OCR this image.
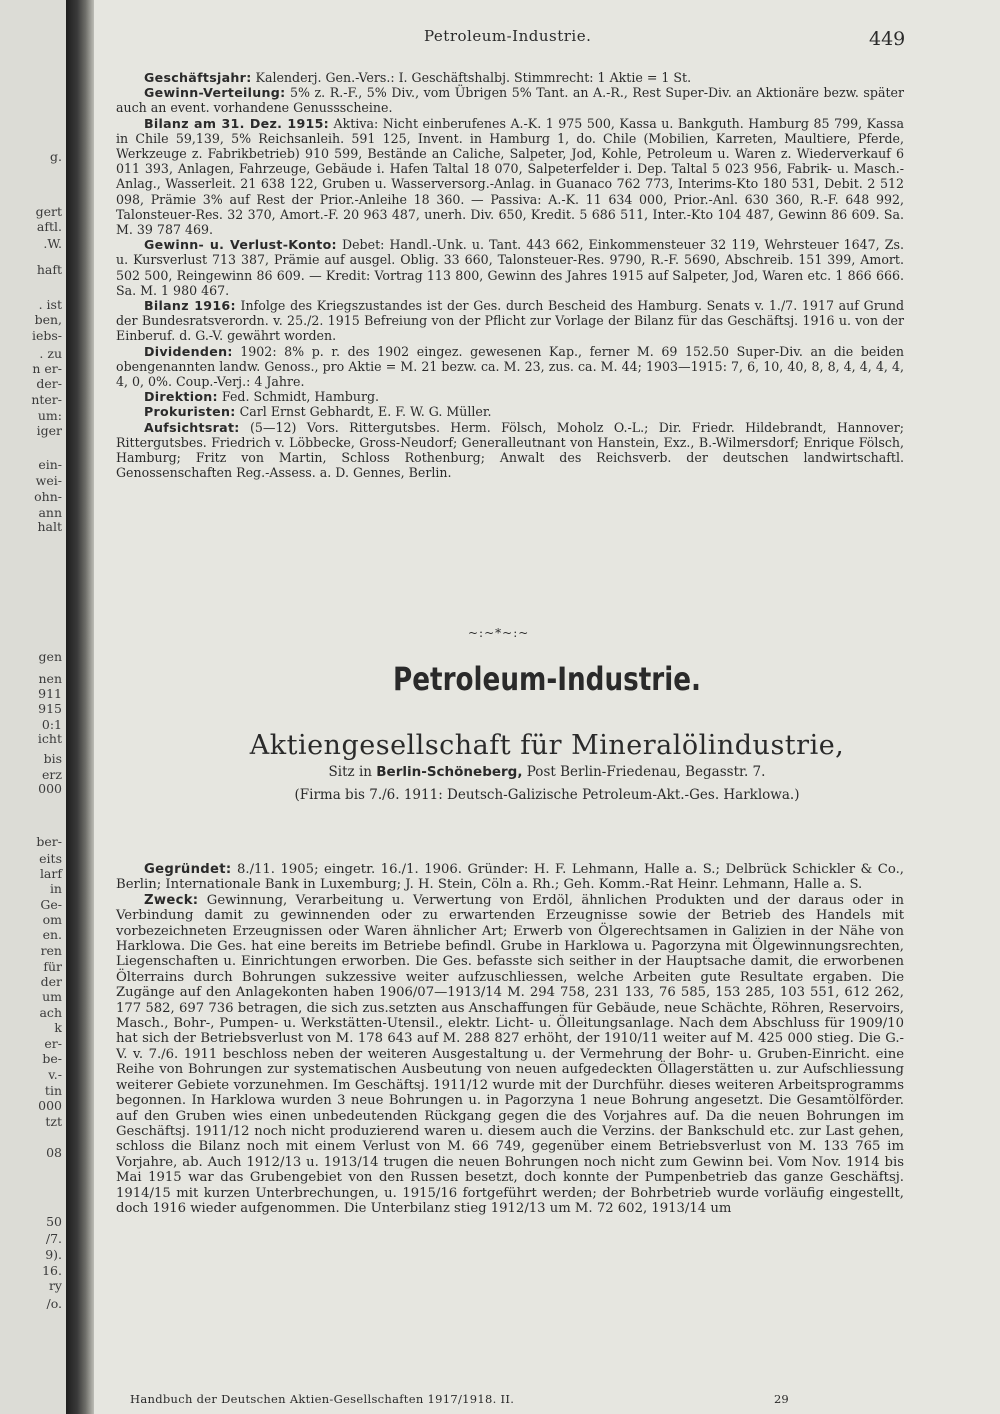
g.
gert
aftl.
.W.
haft
. ist
ben,
iebs-
. zu
n er-
der-
nter-
um:
iger
ein-
wei-
ohn-
ann
halt
gen
nen
911
915
0:1
icht
bis
erz
000
ber-
eits
larf
in
Ge-
om
en.
ren
für
der
um
ach
k
er-
be-
v.-
tin
000
tzt
08
50
/7.
9).
16.
ry
/o.
Petroleum-Industrie.	449

Geschäftsjahr: Kalenderj. Gen.-Vers.: I. Geschäftshalbj. Stimmrecht: 1 Aktie = 1 St.

Gewinn-Verteilung: 5% z. R.-F., 5% Div., vom Übrigen 5% Tant. an A.-R., Rest Super-Div. an Aktionäre bezw. später auch an event. vorhandene Genussscheine.

Bilanz am 31. Dez. 1915: Aktiva: Nicht einberufenes A.-K. 1 975 500, Kassa u. Bankguth. Hamburg 85 799, Kassa in Chile 59,139, 5% Reichsanleih. 591 125, Invent. in Hamburg 1, do. Chile (Mobilien, Karreten, Maultiere, Pferde, Werkzeuge z. Fabrikbetrieb) 910 599, Bestände an Caliche, Salpeter, Jod, Kohle, Petroleum u. Waren z. Wiederverkauf 6 011 393, Anlagen, Fahrzeuge, Gebäude i. Hafen Taltal 18 070, Salpeterfelder i. Dep. Taltal 5 023 956, Fabrik- u. Masch.-Anlag., Wasserleit. 21 638 122, Gruben u. Wasserversorg.-Anlag. in Guanaco 762 773, Interims-Kto 180 531, Debit. 2 512 098, Prämie 3% auf Rest der Prior.-Anleihe 18 360. — Passiva: A.-K. 11 634 000, Prior.-Anl. 630 360, R.-F. 648 992, Talonsteuer-Res. 32 370, Amort.-F. 20 963 487, unerh. Div. 650, Kredit. 5 686 511, Inter.-Kto 104 487, Gewinn 86 609. Sa. M. 39 787 469.

Gewinn- u. Verlust-Konto: Debet: Handl.-Unk. u. Tant. 443 662, Einkommensteuer 32 119, Wehrsteuer 1647, Zs. u. Kursverlust 713 387, Prämie auf ausgel. Oblig. 33 660, Talonsteuer-Res. 9790, R.-F. 5690, Abschreib. 151 399, Amort. 502 500, Reingewinn 86 609. — Kredit: Vortrag 113 800, Gewinn des Jahres 1915 auf Salpeter, Jod, Waren etc. 1 866 666. Sa. M. 1 980 467.

Bilanz 1916: Infolge des Kriegszustandes ist der Ges. durch Bescheid des Hamburg. Senats v. 1./7. 1917 auf Grund der Bundesratsverordn. v. 25./2. 1915 Befreiung von der Pflicht zur Vorlage der Bilanz für das Geschäftsj. 1916 u. von der Einberuf. d. G.-V. gewährt worden.

Dividenden: 1902: 8% p. r. des 1902 eingez. gewesenen Kap., ferner M. 69 152.50 Super-Div. an die beiden obengenannten landw. Genoss., pro Aktie = M. 21 bezw. ca. M. 23, zus. ca. M. 44; 1903—1915: 7, 6, 10, 40, 8, 8, 4, 4, 4, 4, 4, 0, 0%. Coup.-Verj.: 4 Jahre.

Direktion: Fed. Schmidt, Hamburg.

Prokuristen: Carl Ernst Gebhardt, E. F. W. G. Müller.

Aufsichtsrat: (5—12) Vors. Rittergutsbes. Herm. Fölsch, Moholz O.-L.; Dir. Friedr. Hildebrandt, Hannover; Rittergutsbes. Friedrich v. Löbbecke, Gross-Neudorf; Generalleutnant von Hanstein, Exz., B.-Wilmersdorf; Enrique Fölsch, Hamburg; Fritz von Martin, Schloss Rothenburg; Anwalt des Reichsverb. der deutschen landwirtschaftl. Genossenschaften Reg.-Assess. a. D. Gennes, Berlin.

~:~*~:~
Petroleum-Industrie.
Aktiengesellschaft für Mineralölindustrie,
Sitz in Berlin-Schöneberg, Post Berlin-Friedenau, Begasstr. 7.
(Firma bis 7./6. 1911: Deutsch-Galizische Petroleum-Akt.-Ges. Harklowa.)

Gegründet: 8./11. 1905; eingetr. 16./1. 1906. Gründer: H. F. Lehmann, Halle a. S.; Delbrück Schickler & Co., Berlin; Internationale Bank in Luxemburg; J. H. Stein, Cöln a. Rh.; Geh. Komm.-Rat Heinr. Lehmann, Halle a. S.

Zweck: Gewinnung, Verarbeitung u. Verwertung von Erdöl, ähnlichen Produkten und der daraus oder in Verbindung damit zu gewinnenden oder zu erwartenden Erzeugnisse sowie der Betrieb des Handels mit vorbezeichneten Erzeugnissen oder Waren ähnlicher Art; Erwerb von Ölgerechtsamen in Galizien in der Nähe von Harklowa. Die Ges. hat eine bereits im Betriebe befindl. Grube in Harklowa u. Pagorzyna mit Ölgewinnungsrechten, Liegenschaften u. Einrichtungen erworben. Die Ges. befasste sich seither in der Hauptsache damit, die erworbenen Ölterrains durch Bohrungen sukzessive weiter aufzuschliessen, welche Arbeiten gute Resultate ergaben. Die Zugänge auf den Anlagekonten haben 1906/07—1913/14 M. 294 758, 231 133, 76 585, 153 285, 103 551, 612 262, 177 582, 697 736 betragen, die sich zus.setzten aus Anschaffungen für Gebäude, neue Schächte, Röhren, Reservoirs, Masch., Bohr-, Pumpen- u. Werkstätten-Utensil., elektr. Licht- u. Ölleitungsanlage. Nach dem Abschluss für 1909/10 hat sich der Betriebsverlust von M. 178 643 auf M. 288 827 erhöht, der 1910/11 weiter auf M. 425 000 stieg. Die G.-V. v. 7./6. 1911 beschloss neben der weiteren Ausgestaltung u. der Vermehrung der Bohr- u. Gruben-Einricht. eine Reihe von Bohrungen zur systematischen Ausbeutung von neuen aufgedeckten Öllagerstätten u. zur Aufschliessung weiterer Gebiete vorzunehmen. Im Geschäftsj. 1911/12 wurde mit der Durchführ. dieses weiteren Arbeitsprogramms begonnen. In Harklowa wurden 3 neue Bohrungen u. in Pagorzyna 1 neue Bohrung angesetzt. Die Gesamtölförder. auf den Gruben wies einen unbedeutenden Rückgang gegen die des Vorjahres auf. Da die neuen Bohrungen im Geschäftsj. 1911/12 noch nicht produzierend waren u. diesem auch die Verzins. der Bankschuld etc. zur Last gehen, schloss die Bilanz noch mit einem Verlust von M. 66 749, gegenüber einem Betriebsverlust von M. 133 765 im Vorjahre, ab. Auch 1912/13 u. 1913/14 trugen die neuen Bohrungen noch nicht zum Gewinn bei. Vom Nov. 1914 bis Mai 1915 war das Grubengebiet von den Russen besetzt, doch konnte der Pumpenbetrieb das ganze Geschäftsj. 1914/15 mit kurzen Unterbrechungen, u. 1915/16 fortgeführt werden; der Bohrbetrieb wurde vorläufig eingestellt, doch 1916 wieder aufgenommen. Die Unterbilanz stieg 1912/13 um M. 72 602, 1913/14 um

Handbuch der Deutschen Aktien-Gesellschaften 1917/1918. II.	29
